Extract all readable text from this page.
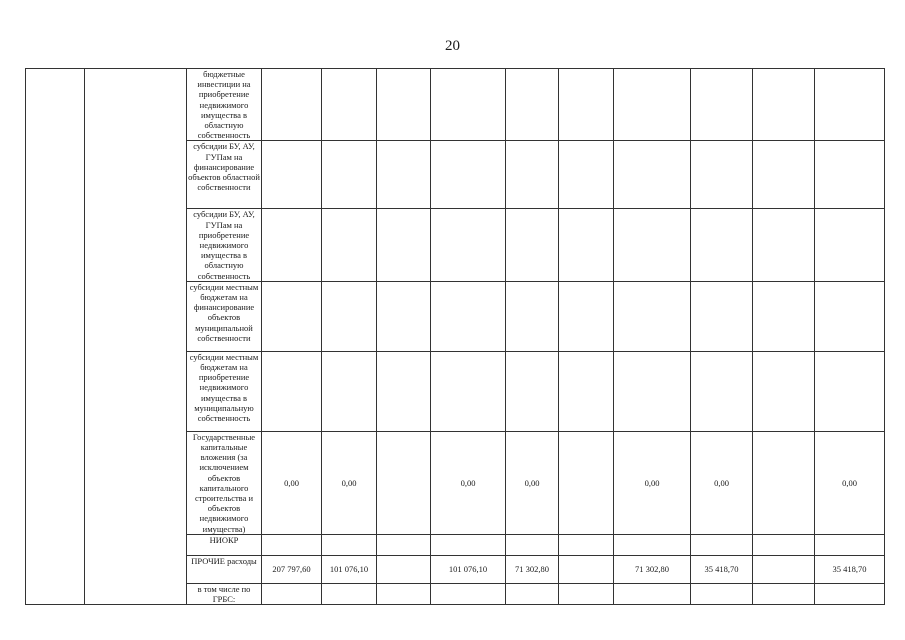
20
		бюджетные инвестиции на приобретение недвижимого имущества в областную собственность										
		субсидии БУ, АУ, ГУПам на финансирование объектов областной собственности										
		субсидии БУ, АУ, ГУПам на приобретение недвижимого имущества в областную собственность										
		субсидии местным бюджетам на финансирование объектов муниципальной собственности										
		субсидии местным бюджетам на приобретение недвижимого имущества в муниципальную собственность										
		Государственные капитальные вложения (за исключением объектов капитального строительства и объектов недвижимого имущества)	0,00	0,00		0,00	0,00		0,00	0,00		0,00
		НИОКР										
		ПРОЧИЕ расходы	207 797,60	101 076,10		101 076,10	71 302,80		71 302,80	35 418,70		35 418,70
		в том числе по ГРБС:										
